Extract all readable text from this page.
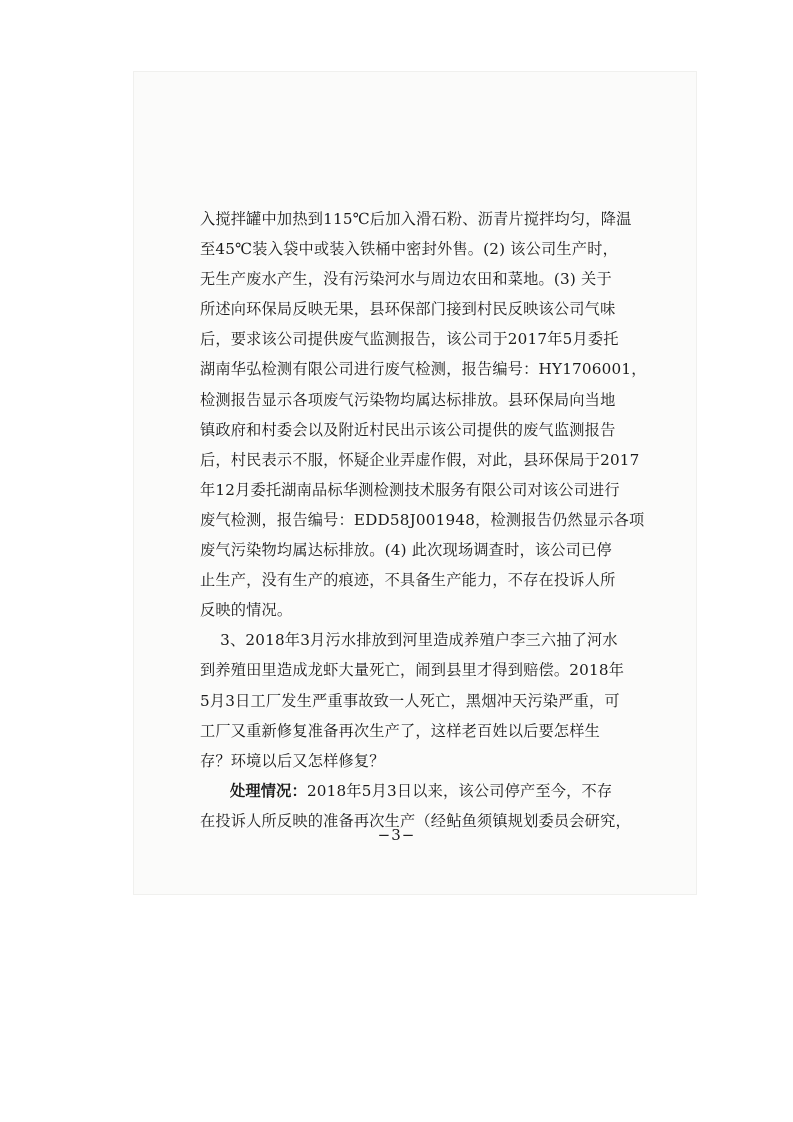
入搅拌罐中加热到115℃后加入滑石粉、沥青片搅拌均匀，降温
至45℃装入袋中或装入铁桶中密封外售。(2) 该公司生产时，
无生产废水产生，没有污染河水与周边农田和菜地。(3) 关于
所述向环保局反映无果，县环保部门接到村民反映该公司气味
后，要求该公司提供废气监测报告，该公司于2017年5月委托
湖南华弘检测有限公司进行废气检测，报告编号：HY1706001，
检测报告显示各项废气污染物均属达标排放。县环保局向当地
镇政府和村委会以及附近村民出示该公司提供的废气监测报告
后，村民表示不服，怀疑企业弄虚作假，对此，县环保局于2017
年12月委托湖南品标华测检测技术服务有限公司对该公司进行
废气检测，报告编号：EDD58J001948，检测报告仍然显示各项
废气污染物均属达标排放。(4) 此次现场调查时，该公司已停
止生产，没有生产的痕迹，不具备生产能力，不存在投诉人所
反映的情况。
3、2018年3月污水排放到河里造成养殖户李三六抽了河水
到养殖田里造成龙虾大量死亡，闹到县里才得到赔偿。2018年
5月3日工厂发生严重事故致一人死亡，黑烟冲天污染严重，可
工厂又重新修复准备再次生产了，这样老百姓以后要怎样生
存？环境以后又怎样修复？
处理情况：2018年5月3日以来，该公司停产至今，不存
在投诉人所反映的准备再次生产（经鲇鱼须镇规划委员会研究，
−3−
